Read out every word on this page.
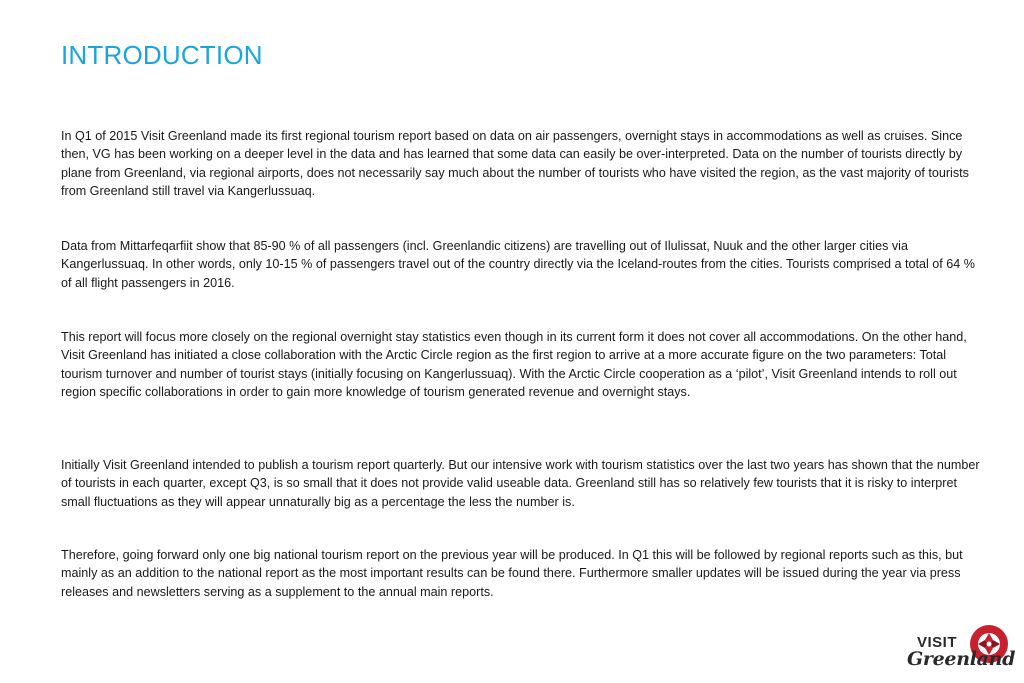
INTRODUCTION

In Q1 of 2015 Visit Greenland made its first regional tourism report based on data on air passengers, overnight stays in accommodations as well as cruises. Since then, VG has been working on a deeper level in the data and has learned that some data can easily be over-interpreted. Data on the number of tourists directly by plane from Greenland, via regional airports, does not necessarily say much about the number of tourists who have visited the region, as the vast majority of tourists from Greenland still travel via Kangerlussuaq.

Data from Mittarfeqarfiit show that 85-90 % of all passengers (incl. Greenlandic citizens) are travelling out of Ilulissat, Nuuk and the other larger cities via Kangerlussuaq. In other words, only 10-15 % of passengers travel out of the country directly via the Iceland-routes from the cities. Tourists comprised a total of 64 % of all flight passengers in 2016.

This report will focus more closely on the regional overnight stay statistics even though in its current form it does not cover all accommodations. On the other hand, Visit Greenland has initiated a close collaboration with the Arctic Circle region as the first region to arrive at a more accurate figure on the two parameters: Total tourism turnover and number of tourist stays (initially focusing on Kangerlussuaq). With the Arctic Circle cooperation as a ‘pilot’, Visit Greenland intends to roll out region specific collaborations in order to gain more knowledge of tourism generated revenue and overnight stays.

Initially Visit Greenland intended to publish a tourism report quarterly. But our intensive work with tourism statistics over the last two years has shown that the number of tourists in each quarter, except Q3, is so small that it does not provide valid useable data. Greenland still has so relatively few tourists that it is risky to interpret small fluctuations as they will appear unnaturally big as a percentage the less the number is.

Therefore, going forward only one big national tourism report on the previous year will be produced. In Q1 this will be followed by regional reports such as this, but mainly as an addition to the national report as the most important results can be found there. Furthermore smaller updates will be issued during the year via press releases and newsletters serving as a supplement to the annual main reports.

VISIT
Greenland
